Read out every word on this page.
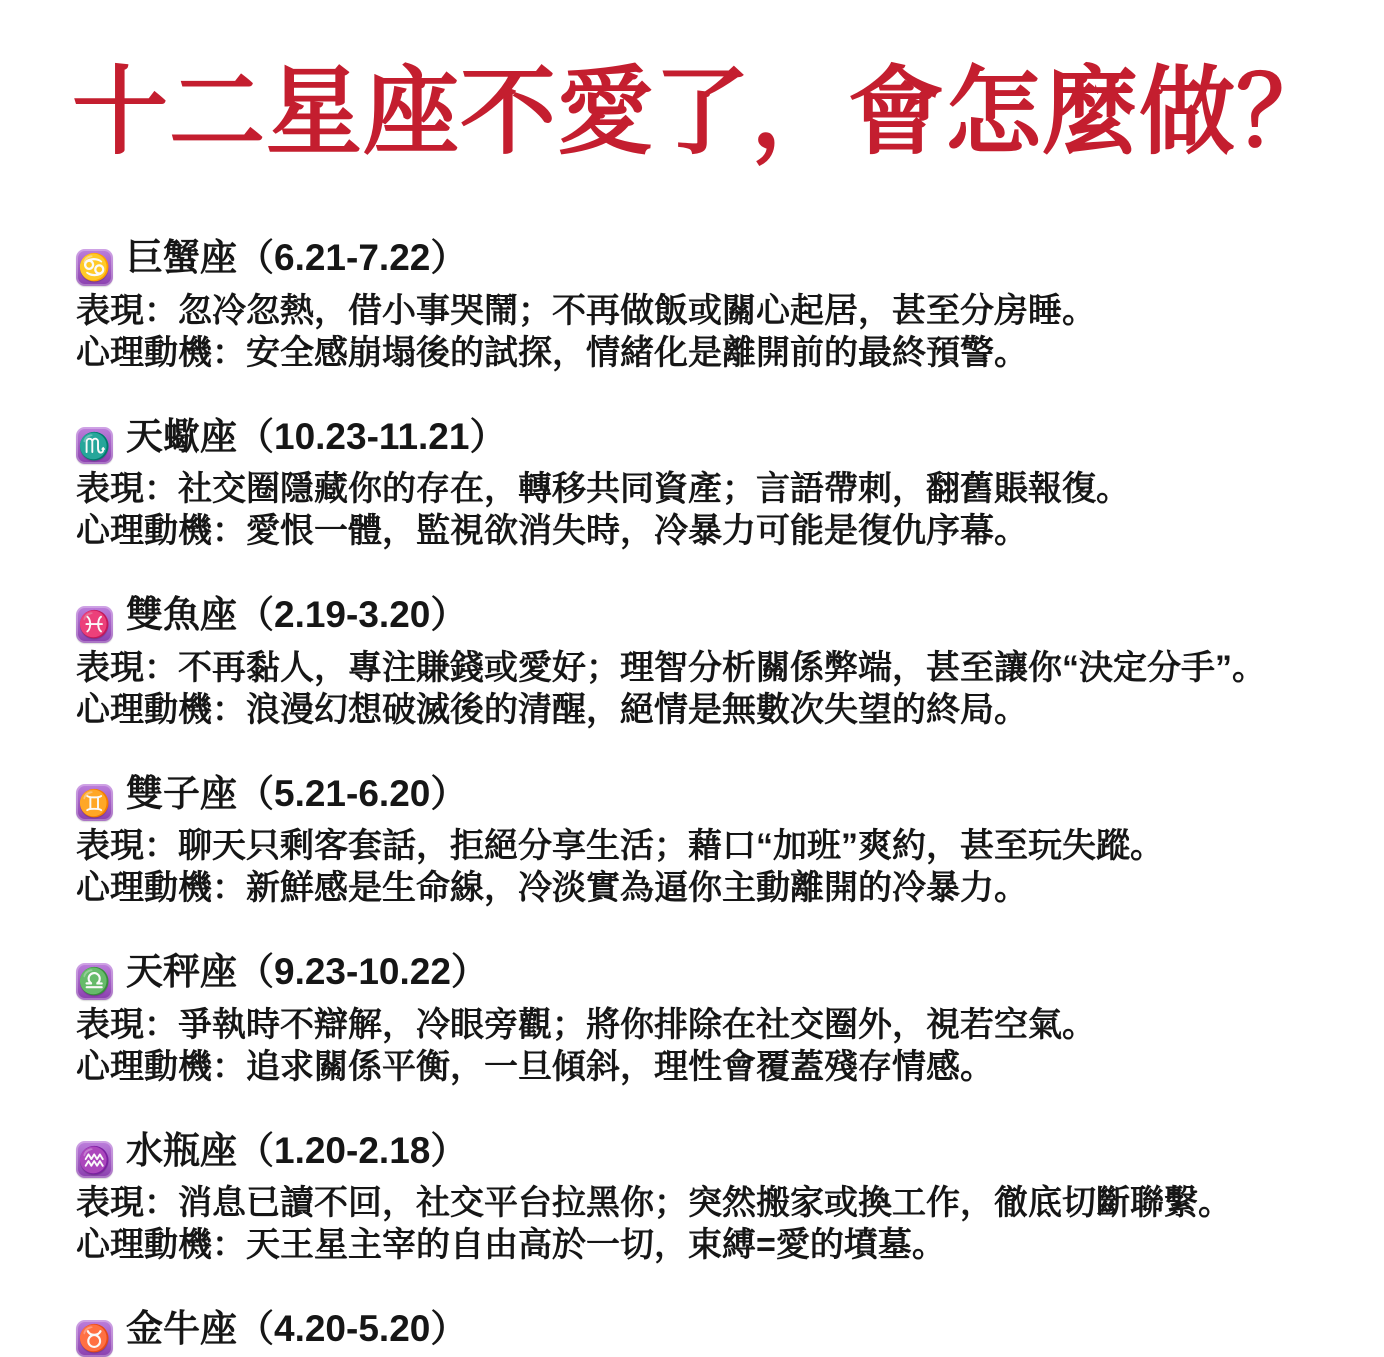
十二星座不愛了，會怎麼做？
♋ 巨蟹座（6.21-7.22）

表現：忽冷忽熱，借小事哭鬧；不再做飯或關心起居，甚至分房睡。

心理動機：安全感崩塌後的試探，情緒化是離開前的最終預警。

♏ 天蠍座（10.23-11.21）

表現：社交圈隱藏你的存在，轉移共同資產；言語帶刺，翻舊賬報復。

心理動機：愛恨一體，監視欲消失時，冷暴力可能是復仇序幕。

♓ 雙魚座（2.19-3.20）

表現：不再黏人，專注賺錢或愛好；理智分析關係弊端，甚至讓你“決定分手”。

心理動機：浪漫幻想破滅後的清醒，絕情是無數次失望的終局。

♊ 雙子座（5.21-6.20）

表現：聊天只剩客套話，拒絕分享生活；藉口“加班”爽約，甚至玩失蹤。

心理動機：新鮮感是生命線，冷淡實為逼你主動離開的冷暴力。

♎ 天秤座（9.23-10.22）

表現：爭執時不辯解，冷眼旁觀；將你排除在社交圈外，視若空氣。

心理動機：追求關係平衡，一旦傾斜，理性會覆蓋殘存情感。

♒ 水瓶座（1.20-2.18）

表現：消息已讀不回，社交平台拉黑你；突然搬家或換工作，徹底切斷聯繫。

心理動機：天王星主宰的自由高於一切，束縛=愛的墳墓。

♉ 金牛座（4.20-5.20）
